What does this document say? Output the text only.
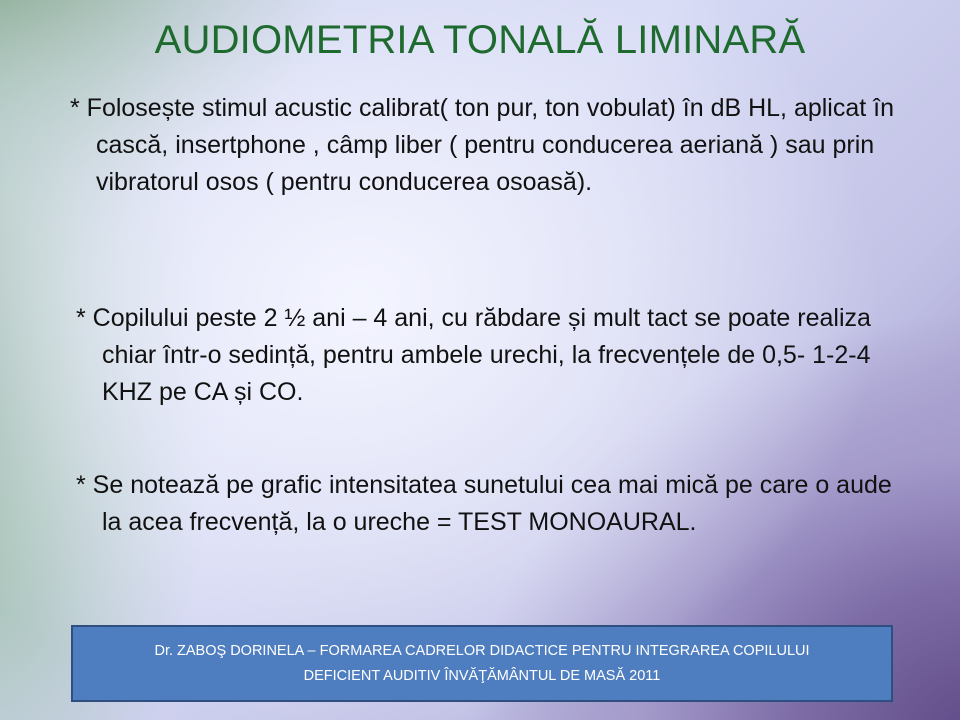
AUDIOMETRIA TONALĂ LIMINARĂ

* Folosește stimul acustic calibrat( ton pur, ton vobulat) în dB HL, aplicat în cască, insertphone , câmp liber ( pentru conducerea aeriană ) sau prin vibratorul osos ( pentru conducerea osoasă).

* Copilului peste 2 ½ ani – 4 ani, cu răbdare și mult tact se poate realiza chiar într-o sedință, pentru ambele urechi, la frecvențele de 0,5- 1-2-4 KHZ pe CA și CO.

* Se notează pe grafic intensitatea sunetului cea mai mică pe care o aude la acea frecvență, la o ureche = TEST MONOAURAL.

Dr. ZABOŞ DORINELA – FORMAREA CADRELOR DIDACTICE PENTRU INTEGRAREA COPILULUI
DEFICIENT AUDITIV ÎNVĂŢĂMÂNTUL DE MASĂ 2011
